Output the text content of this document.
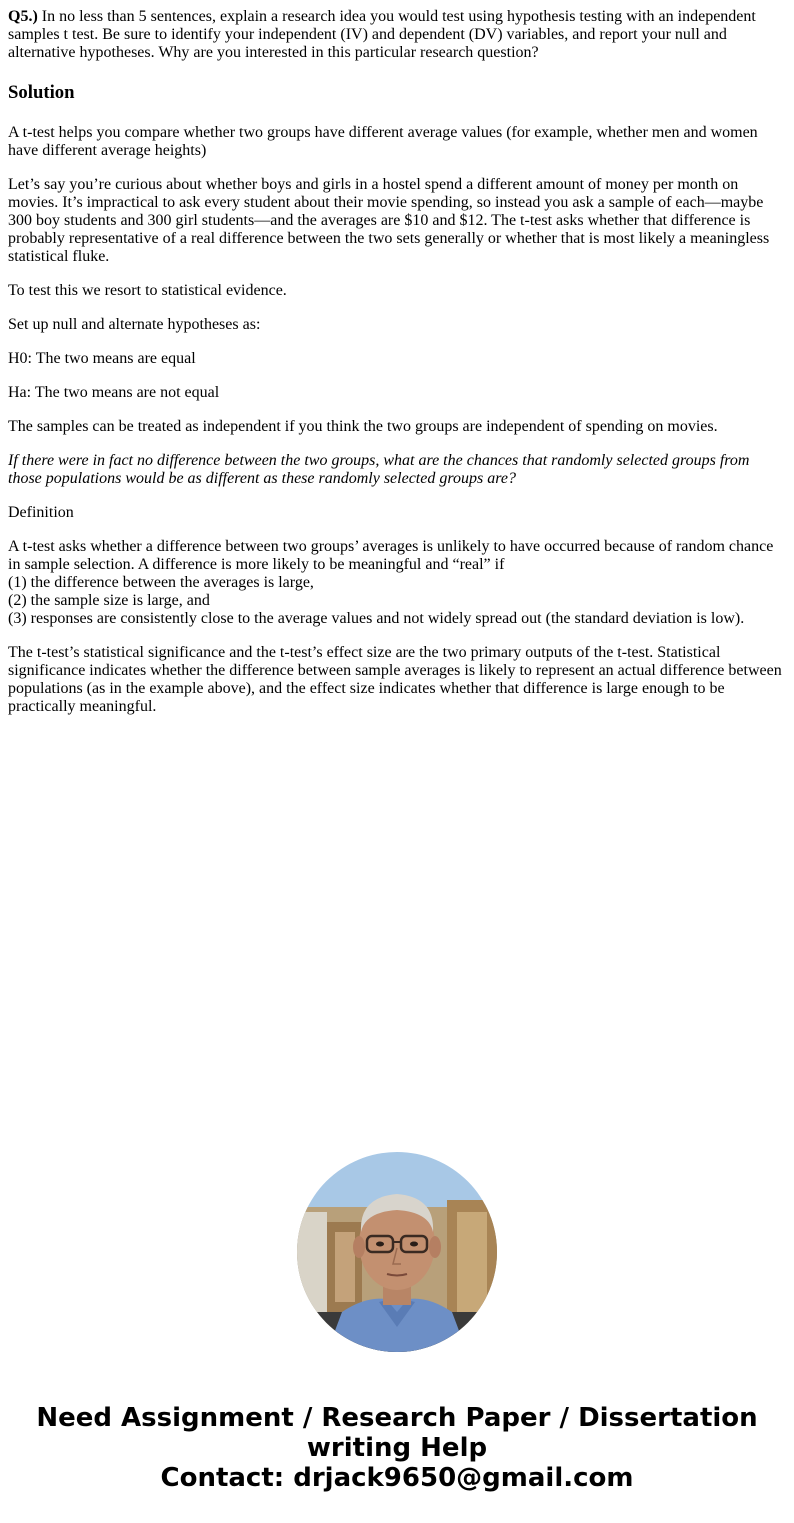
Q5.) In no less than 5 sentences, explain a research idea you would test using hypothesis testing with an independent samples t test. Be sure to identify your independent (IV) and dependent (DV) variables, and report your null and alternative hypotheses. Why are you interested in this particular research question?

Solution

A t-test helps you compare whether two groups have different average values (for example, whether men and women have different average heights)

Let’s say you’re curious about whether boys and girls in a hostel spend a different amount of money per month on movies. It’s impractical to ask every student about their movie spending, so instead you ask a sample of each—maybe 300 boy students and 300 girl students—and the averages are $10 and $12. The t-test asks whether that difference is probably representative of a real difference between the two sets generally or whether that is most likely a meaningless statistical fluke.

To test this we resort to statistical evidence.

Set up null and alternate hypotheses as:

H0: The two means are equal

Ha: The two means are not equal

The samples can be treated as independent if you think the two groups are independent of spending on movies.

If there were in fact no difference between the two groups, what are the chances that randomly selected groups from those populations would be as different as these randomly selected groups are?

Definition

A t-test asks whether a difference between two groups’ averages is unlikely to have occurred because of random chance in sample selection. A difference is more likely to be meaningful and “real” if
(1) the difference between the averages is large,
(2) the sample size is large, and
(3) responses are consistently close to the average values and not widely spread out (the standard deviation is low).

The t-test’s statistical significance and the t-test’s effect size are the two primary outputs of the t-test. Statistical significance indicates whether the difference between sample averages is likely to represent an actual difference between populations (as in the example above), and the effect size indicates whether that difference is large enough to be practically meaningful.

Need Assignment / Research Paper / Dissertation
writing Help
Contact: drjack9650@gmail.com
